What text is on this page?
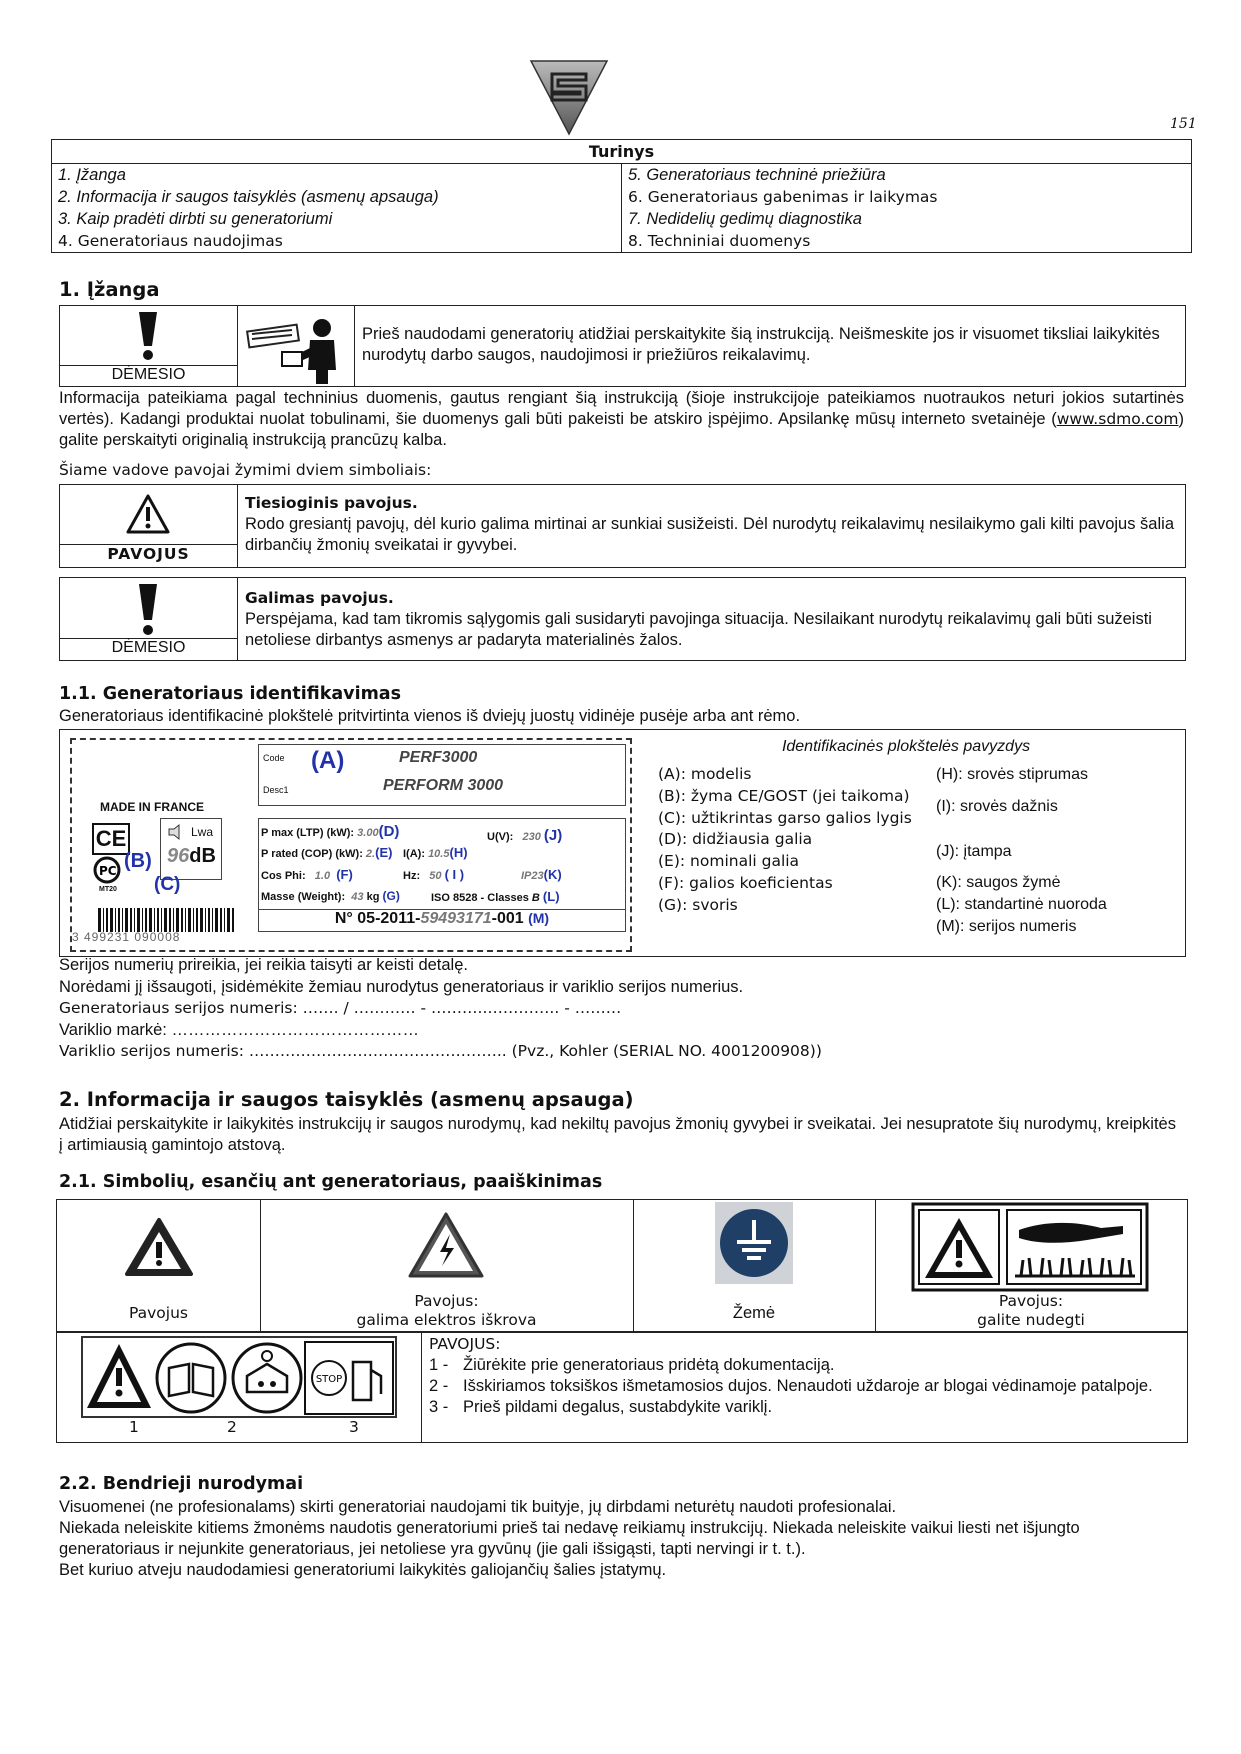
151
Turinys

1. Įžanga
2. Informacija ir saugos taisyklės (asmenų apsauga)
3. Kaip pradėti dirbti su generatoriumi
4. Generatoriaus naudojimas

5. Generatoriaus techninė priežiūra
6. Generatoriaus gabenimas ir laikymas
7. Nedidelių gedimų diagnostika
8. Techniniai duomenys
1. Įžanga
DĖMESIO
Prieš naudodami generatorių atidžiai perskaitykite šią instrukciją. Neišmeskite jos ir visuomet tiksliai laikykitės nurodytų darbo saugos, naudojimosi ir priežiūros reikalavimų.
Informacija pateikiama pagal techninius duomenis, gautus rengiant šią instrukciją (šioje instrukcijoje pateikiamos nuotraukos neturi jokios sutartinės vertės). Kadangi produktai nuolat tobulinami, šie duomenys gali būti pakeisti be atskiro įspėjimo. Apsilankę mūsų interneto svetainėje (www.sdmo.com) galite perskaityti originalią instrukciją prancūzų kalba.
Šiame vadove pavojai žymimi dviem simboliais:
PAVOJUS
Tiesioginis pavojus.
Rodo gresiantį pavojų, dėl kurio galima mirtinai ar sunkiai susižeisti. Dėl nurodytų reikalavimų nesilaikymo gali kilti pavojus šalia dirbančių žmonių sveikatai ir gyvybei.
DĖMESIO
Galimas pavojus.
Perspėjama, kad tam tikromis sąlygomis gali susidaryti pavojinga situacija. Nesilaikant nurodytų reikalavimų gali būti sužeisti netoliese dirbantys asmenys ar padaryta materialinės žalos.
1.1. Generatoriaus identifikavimas
Generatoriaus identifikacinė plokštelė pritvirtinta vienos iš dviejų juostų vidinėje pusėje arba ant rėmo.
MADE IN FRANCE
CE
PC
MT20
(B)
Lwa
96dB
(C)
3 499231 090008
Code
Desc1
(A)	PERF3000
PERFORM 3000
P max (LTP) (kW): 3.00(D)
P rated (COP) (kW): 2.(E) I(A): 10.5(H)
U(V): 230 (J)
Cos Phi: 1.0 (F)	Hz: 50 ( I )	IP23(K)
Masse (Weight): 43 kg (G)	ISO 8528 - Classes B (L)
N° 05-2011-59493171-001 (M)
Identifikacinės plokštelės pavyzdys
(A): modelis
(B): žyma CE/GOST (jei taikoma)
(C): užtikrintas garso galios lygis
(D): didžiausia galia
(E): nominali galia
(F): galios koeficientas
(G): svoris
(H): srovės stiprumas
(I): srovės dažnis
(J): įtampa
(K): saugos žymė
(L): standartinė nuoroda
(M): serijos numeris
Serijos numerių prireikia, jei reikia taisyti ar keisti detalę.
Norėdami jį išsaugoti, įsidėmėkite žemiau nurodytus generatoriaus ir variklio serijos numerius.
Generatoriaus serijos numeris: ……. / ………… - ………..………….. - ………
Variklio markė: ………………………………………
Variklio serijos numeris: ………………………………………….. (Pvz., Kohler (SERIAL NO. 4001200908))
2. Informacija ir saugos taisyklės (asmenų apsauga)
Atidžiai perskaitykite ir laikykitės instrukcijų ir saugos nurodymų, kad nekiltų pavojus žmonių gyvybei ir sveikatai. Jei nesupratote šių nurodymų, kreipkitės į artimiausią gamintojo atstovą.
2.1. Simbolių, esančių ant generatoriaus, paaiškinimas
Pavojus
Pavojus:
galima elektros iškrova	Žemė
Pavojus:
galite nudegti
STOP
1	2	3
PAVOJUS:
1 - Žiūrėkite prie generatoriaus pridėtą dokumentaciją.
2 - Išskiriamos toksiškos išmetamosios dujos. Nenaudoti uždaroje ar blogai vėdinamoje patalpoje.
3 - Prieš pildami degalus, sustabdykite variklį.
2.2. Bendrieji nurodymai
Visuomenei (ne profesionalams) skirti generatoriai naudojami tik buityje, jų dirbdami neturėtų naudoti profesionalai.
Niekada neleiskite kitiems žmonėms naudotis generatoriumi prieš tai nedavę reikiamų instrukcijų. Niekada neleiskite vaikui liesti net išjungto generatoriaus ir nejunkite generatoriaus, jei netoliese yra gyvūnų (jie gali išsigąsti, tapti nervingi ir t. t.).
Bet kuriuo atveju naudodamiesi generatoriumi laikykitės galiojančių šalies įstatymų.
